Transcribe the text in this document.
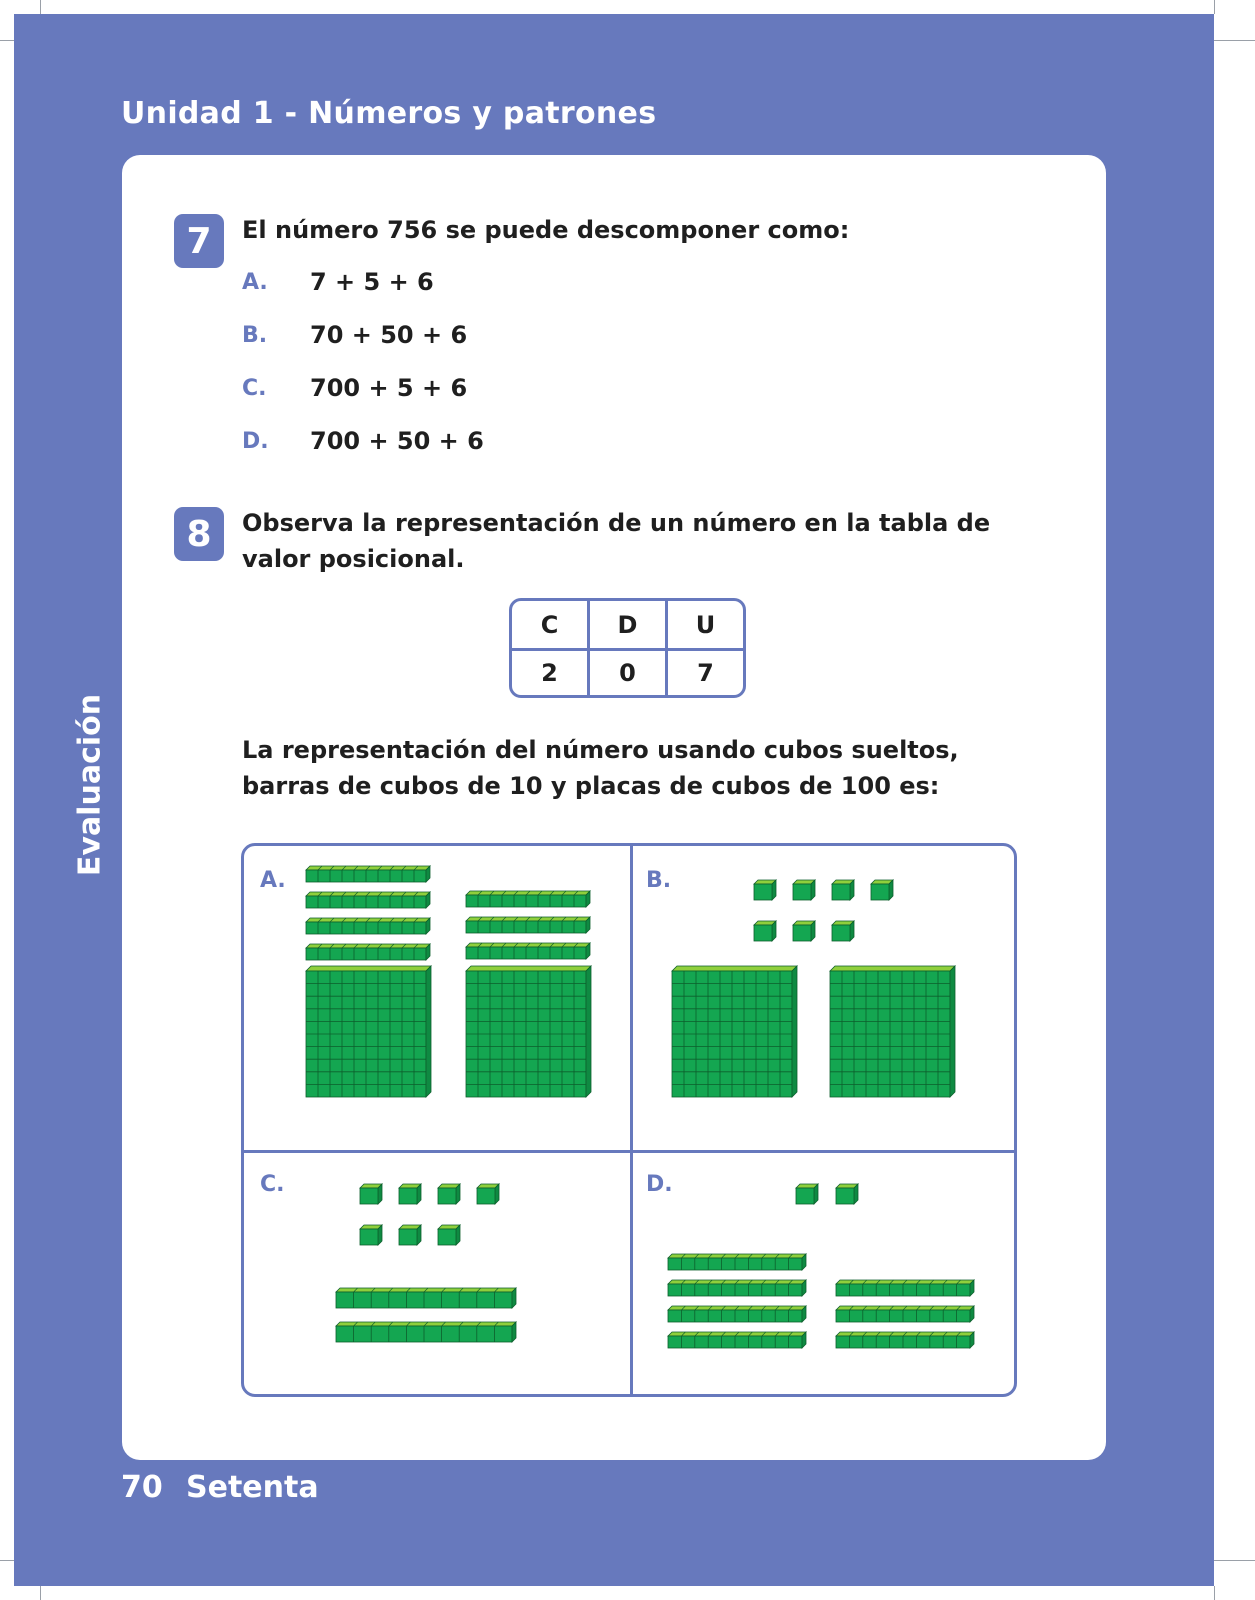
Unidad 1 - Números y patrones
Evaluación
70 Setenta
7	El número 756 se puede descomponer como:
A. 7 + 5 + 6
B. 70 + 50 + 6
C. 700 + 5 + 6
D. 700 + 50 + 6
8	Observa la representación de un número en la tabla de
valor posicional.
C	D	U
2	0	7
La representación del número usando cubos sueltos,
barras de cubos de 10 y placas de cubos de 100 es:
A.	B.
C.	D.
